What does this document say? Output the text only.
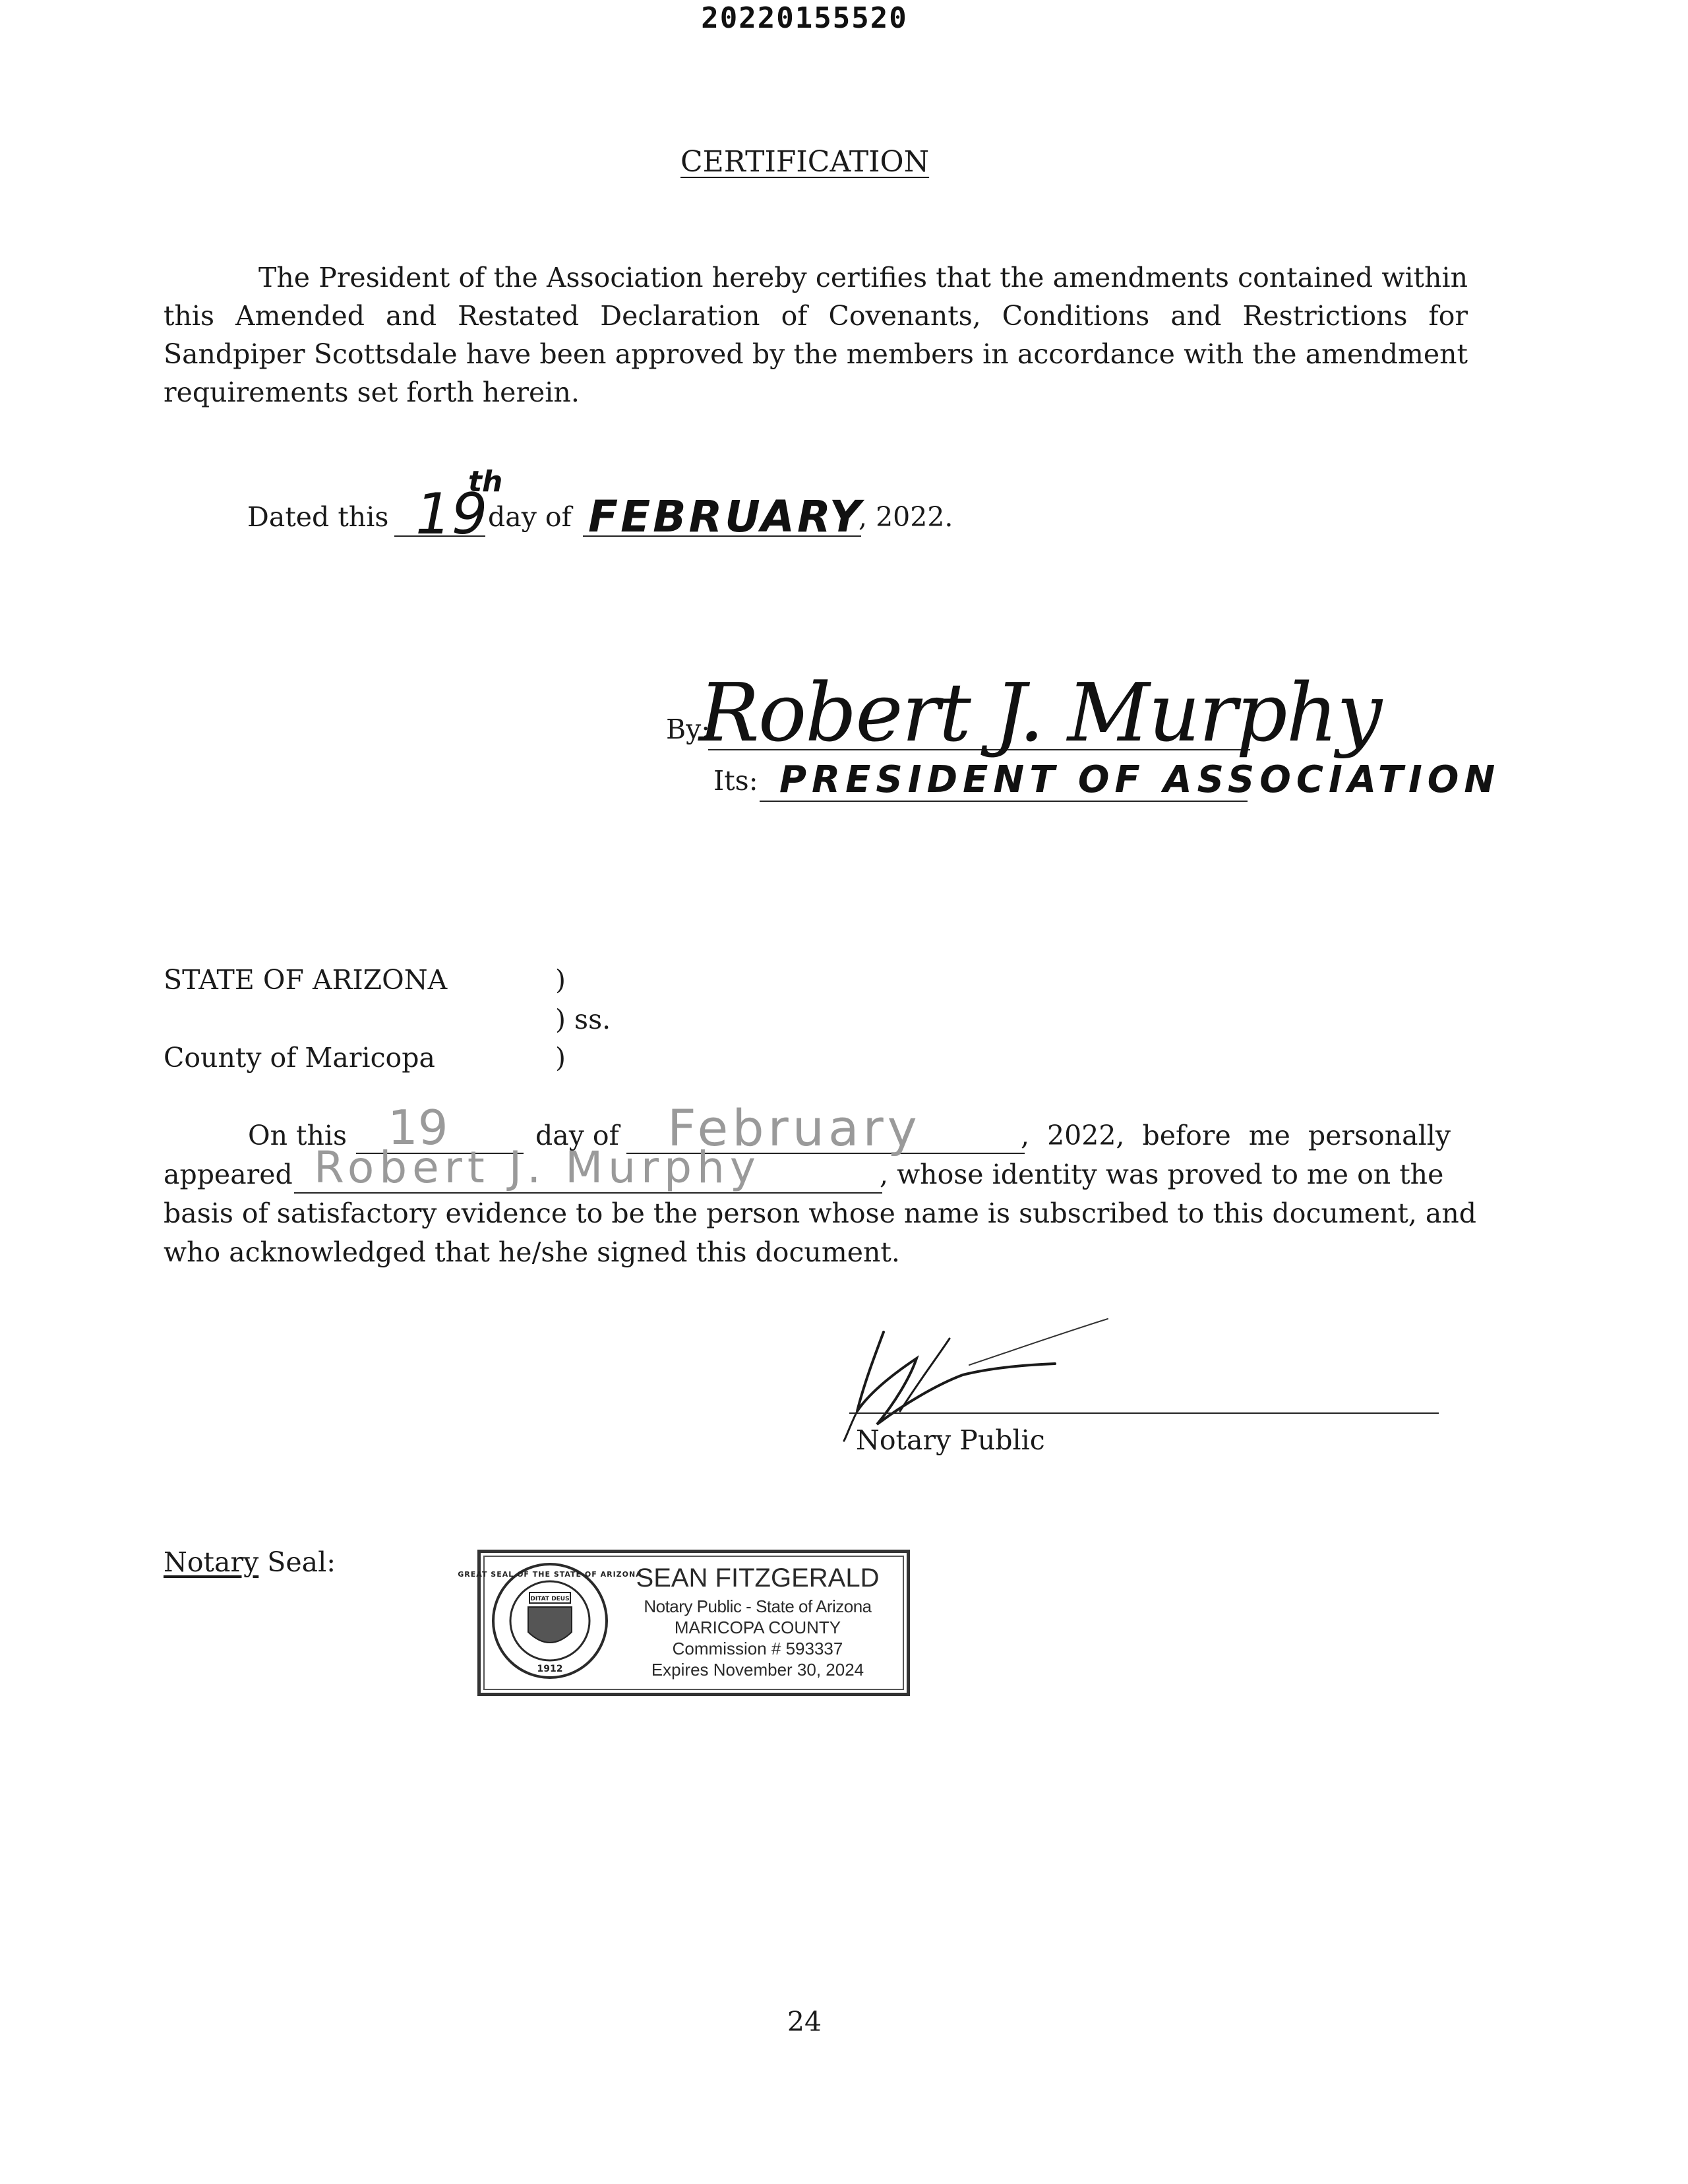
20220155520
CERTIFICATION

The President of the Association hereby certifies that the amendments contained within this Amended and Restated Declaration of Covenants, Conditions and Restrictions for Sandpiper Scottsdale have been approved by the members in accordance with the amendment requirements set forth herein.

Dated this 19
th
day of FEBRUARY
, 2022.
By:
Robert J. Murphy
Its: PRESIDENT OF ASSOCIATION
STATE OF ARIZONA	)
) ss.
County of Maricopa	)
On this 19	day of February	, 2022, before me personally
appeared Robert J. Murphy	, whose identity was proved to me on the
basis of satisfactory evidence to be the person whose name is subscribed to this document, and
who acknowledged that he/she signed this document.
Notary Public
Notary Seal:
DITAT DEUS
1912
GREAT SEAL OF THE STATE OF ARIZONA
SEAN FITZGERALD
Notary Public - State of Arizona
MARICOPA COUNTY
Commission # 593337
Expires November 30, 2024
24
